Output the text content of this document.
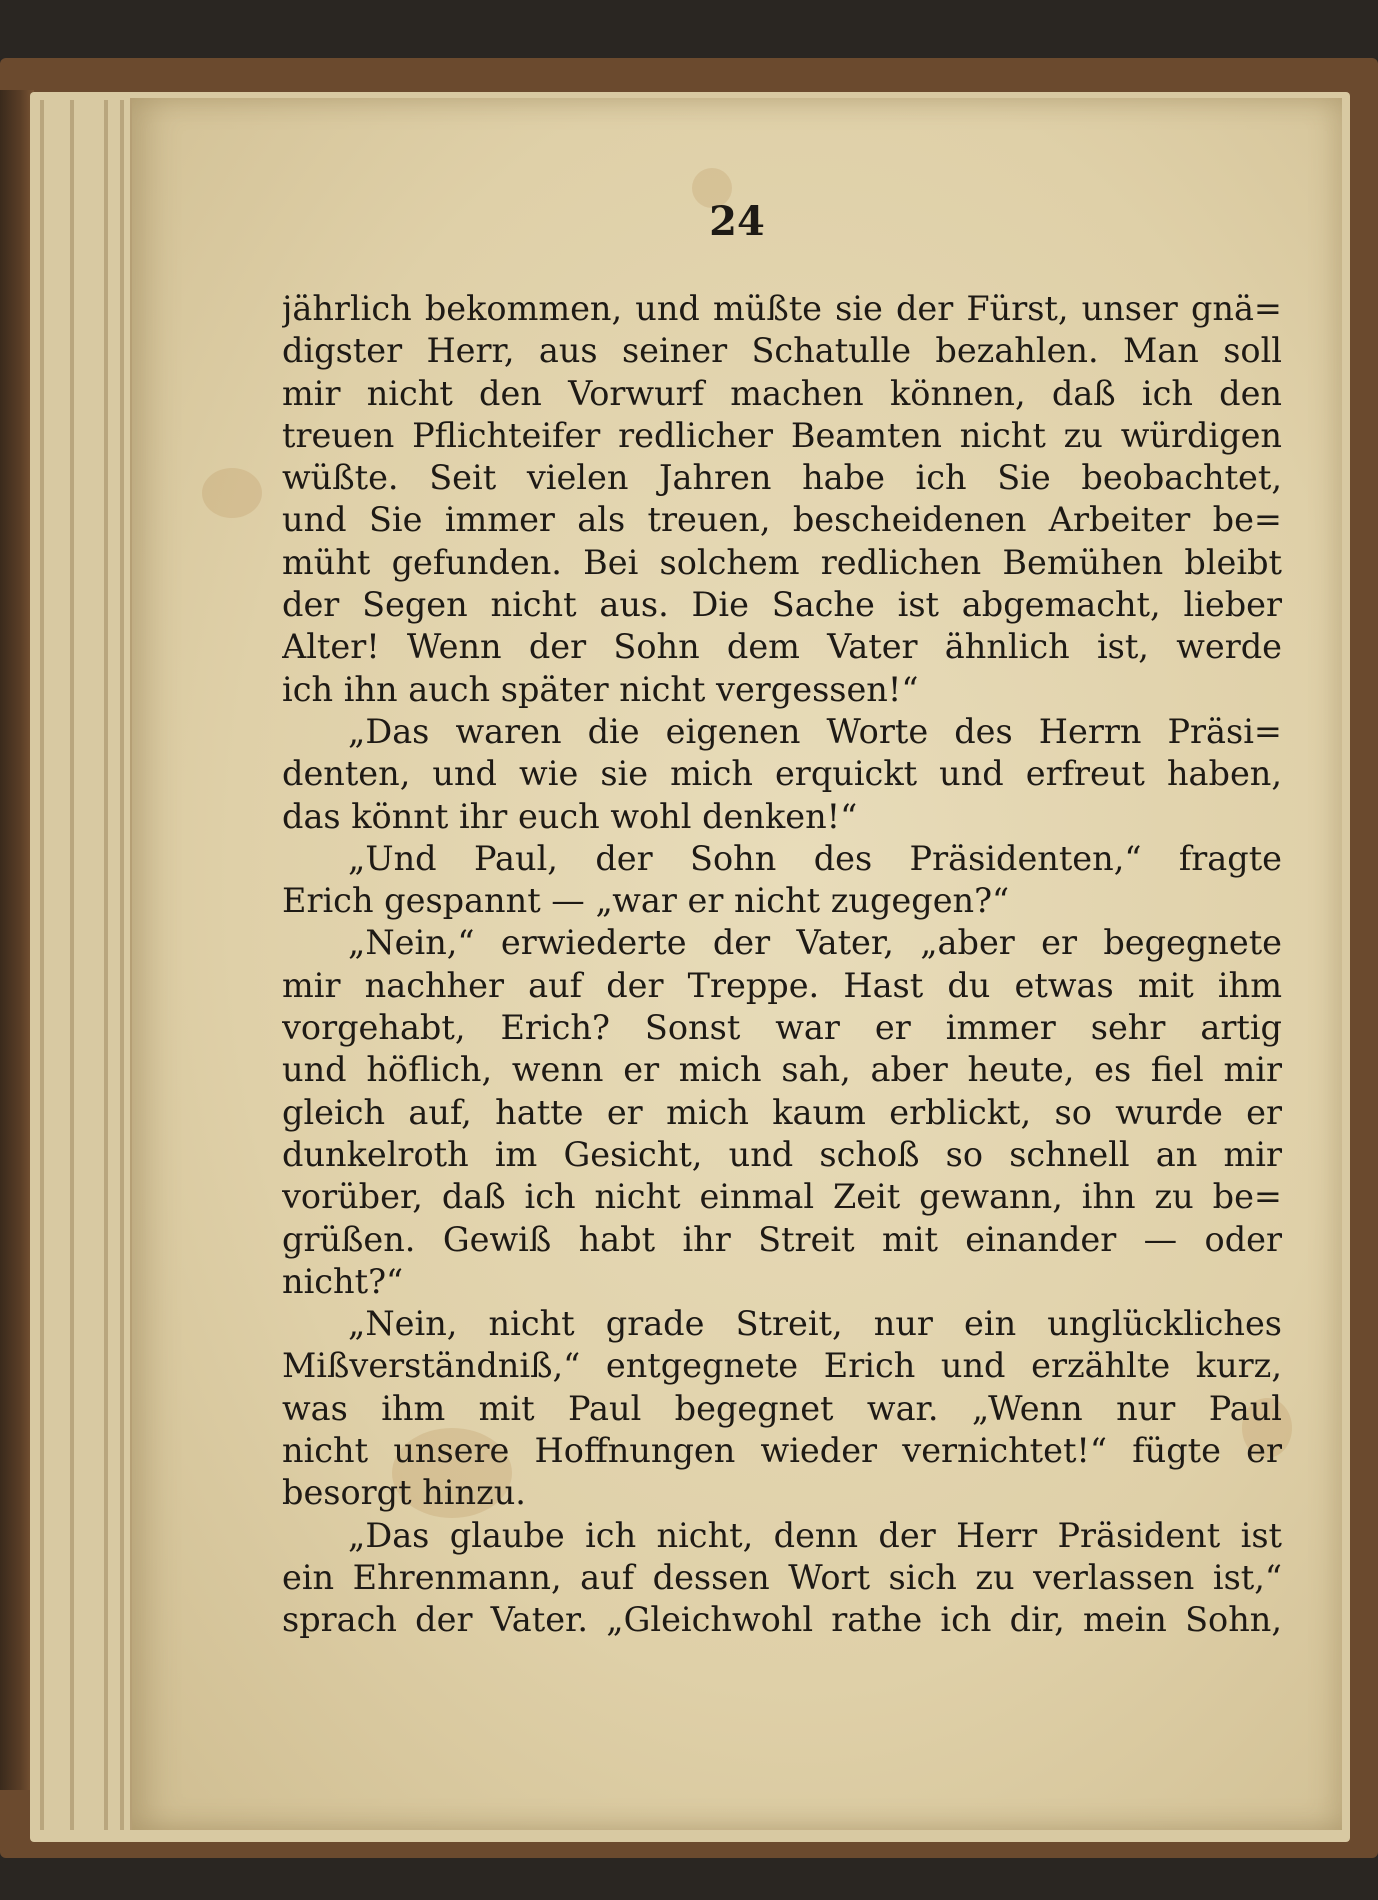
24
jährlich bekommen, und müßte sie der Fürst, unser gnä=
digster Herr, aus seiner Schatulle bezahlen. Man soll
mir nicht den Vorwurf machen können, daß ich den
treuen Pflichteifer redlicher Beamten nicht zu würdigen
wüßte. Seit vielen Jahren habe ich Sie beobachtet,
und Sie immer als treuen, bescheidenen Arbeiter be=
müht gefunden. Bei solchem redlichen Bemühen bleibt
der Segen nicht aus. Die Sache ist abgemacht, lieber
Alter! Wenn der Sohn dem Vater ähnlich ist, werde
ich ihn auch später nicht vergessen!“
„Das waren die eigenen Worte des Herrn Präsi=
denten, und wie sie mich erquickt und erfreut haben,
das könnt ihr euch wohl denken!“
„Und Paul, der Sohn des Präsidenten,“ fragte
Erich gespannt — „war er nicht zugegen?“
„Nein,“ erwiederte der Vater, „aber er begegnete
mir nachher auf der Treppe. Hast du etwas mit ihm
vorgehabt, Erich? Sonst war er immer sehr artig
und höflich, wenn er mich sah, aber heute, es fiel mir
gleich auf, hatte er mich kaum erblickt, so wurde er
dunkelroth im Gesicht, und schoß so schnell an mir
vorüber, daß ich nicht einmal Zeit gewann, ihn zu be=
grüßen. Gewiß habt ihr Streit mit einander — oder
nicht?“
„Nein, nicht grade Streit, nur ein unglückliches
Mißverständniß,“ entgegnete Erich und erzählte kurz,
was ihm mit Paul begegnet war. „Wenn nur Paul
nicht unsere Hoffnungen wieder vernichtet!“ fügte er
besorgt hinzu.
„Das glaube ich nicht, denn der Herr Präsident ist
ein Ehrenmann, auf dessen Wort sich zu verlassen ist,“
sprach der Vater. „Gleichwohl rathe ich dir, mein Sohn,
